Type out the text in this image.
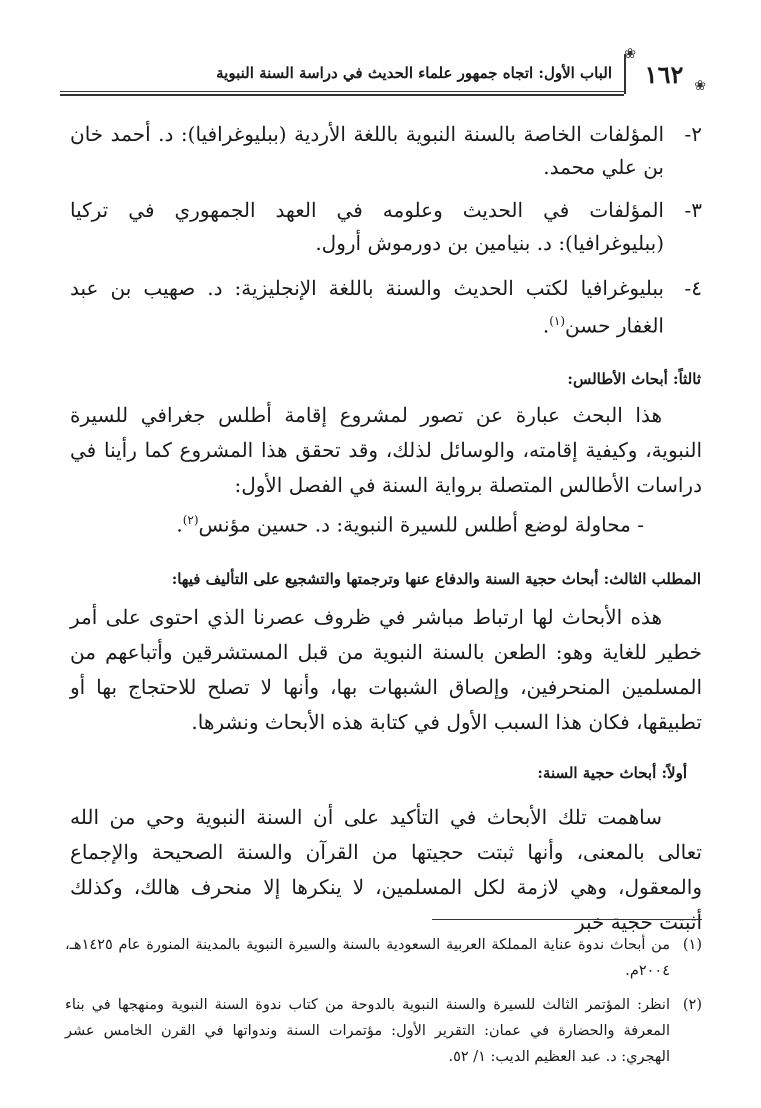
❀
١٦٢ ❀
الباب الأول: اتجاه جمهور علماء الحديث في دراسة السنة النبوية
٢-
المؤلفات الخاصة بالسنة النبوية باللغة الأردية (ببليوغرافيا): د. أحمد خان بن علي محمد.
٣-
المؤلفات في الحديث وعلومه في العهد الجمهوري في تركيا (ببليوغرافيا): د. بنيامين بن دورموش أرول.
٤-
ببليوغرافيا لكتب الحديث والسنة باللغة الإنجليزية: د. صهيب بن عبد الغفار حسن$^{(١)}$.
ثالثاً: أبحاث الأطالس:

هذا البحث عبارة عن تصور لمشروع إقامة أطلس جغرافي للسيرة النبوية، وكيفية إقامته، والوسائل لذلك، وقد تحقق هذا المشروع كما رأينا في دراسات الأطالس المتصلة برواية السنة في الفصل الأول:

- محاولة لوضع أطلس للسيرة النبوية: د. حسين مؤنس$^{(٢)}$.

المطلب الثالث: أبحاث حجية السنة والدفاع عنها وترجمتها والتشجيع على التأليف فيها:

هذه الأبحاث لها ارتباط مباشر في ظروف عصرنا الذي احتوى على أمر خطير للغاية وهو: الطعن بالسنة النبوية من قبل المستشرقين وأتباعهم من المسلمين المنحرفين، وإلصاق الشبهات بها، وأنها لا تصلح للاحتجاج بها أو تطبيقها، فكان هذا السبب الأول في كتابة هذه الأبحاث ونشرها.

أولاً: أبحاث حجية السنة:

ساهمت تلك الأبحاث في التأكيد على أن السنة النبوية وحي من الله تعالى بالمعنى، وأنها ثبتت حجيتها من القرآن والسنة الصحيحة والإجماع والمعقول، وهي لازمة لكل المسلمين، لا ينكرها إلا منحرف هالك، وكذلك أثبتت حجية خبر

(١)
من أبحاث ندوة عناية المملكة العربية السعودية بالسنة والسيرة النبوية بالمدينة المنورة عام ١٤٢٥هـ، ٢٠٠٤م.
(٢)
انظر: المؤتمر الثالث للسيرة والسنة النبوية بالدوحة من كتاب ندوة السنة النبوية ومنهجها في بناء المعرفة والحضارة في عمان: التقرير الأول: مؤتمرات السنة وندواتها في القرن الخامس عشر الهجري: د. عبد العظيم الديب: ١/ ٥٢.
